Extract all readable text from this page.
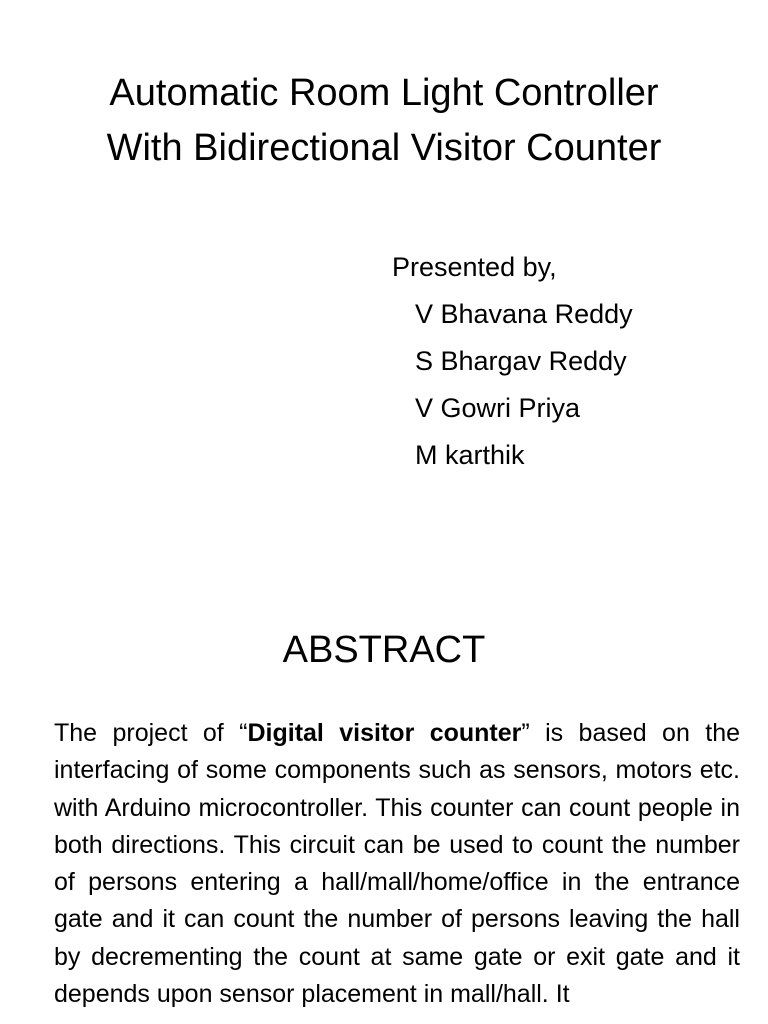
Automatic Room Light Controller
With Bidirectional Visitor Counter
Presented by,
V Bhavana Reddy
S Bhargav Reddy
V Gowri Priya
M karthik
ABSTRACT

The project of “Digital visitor counter” is based on the interfacing of some components such as sensors, motors etc. with Arduino microcontroller. This counter can count people in both directions. This circuit can be used to count the number of persons entering a hall/mall/home/office in the entrance gate and it can count the number of persons leaving the hall by decrementing the count at same gate or exit gate and it depends upon sensor placement in mall/hall. It
